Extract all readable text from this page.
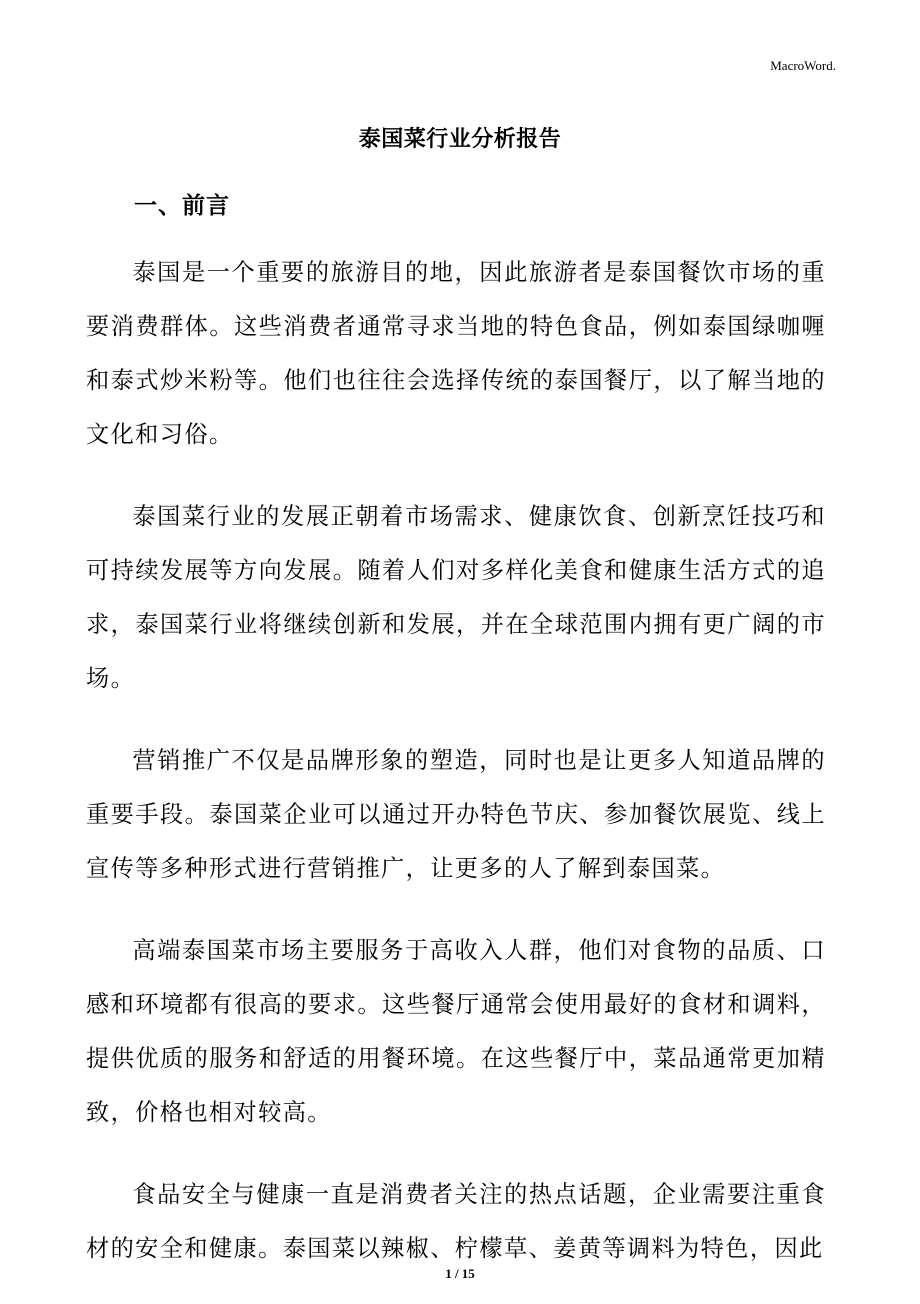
MacroWord.
泰国菜行业分析报告
一、前言

泰国是一个重要的旅游目的地，因此旅游者是泰国餐饮市场的重要消费群体。这些消费者通常寻求当地的特色食品，例如泰国绿咖喱和泰式炒米粉等。他们也往往会选择传统的泰国餐厅，以了解当地的文化和习俗。

泰国菜行业的发展正朝着市场需求、健康饮食、创新烹饪技巧和可持续发展等方向发展。随着人们对多样化美食和健康生活方式的追求，泰国菜行业将继续创新和发展，并在全球范围内拥有更广阔的市场。

营销推广不仅是品牌形象的塑造，同时也是让更多人知道品牌的重要手段。泰国菜企业可以通过开办特色节庆、参加餐饮展览、线上宣传等多种形式进行营销推广，让更多的人了解到泰国菜。

高端泰国菜市场主要服务于高收入人群，他们对食物的品质、口感和环境都有很高的要求。这些餐厅通常会使用最好的食材和调料，提供优质的服务和舒适的用餐环境。在这些餐厅中，菜品通常更加精致，价格也相对较高。

食品安全与健康一直是消费者关注的热点话题，企业需要注重食材的安全和健康。泰国菜以辣椒、柠檬草、姜黄等调料为特色，因此

1 / 15
